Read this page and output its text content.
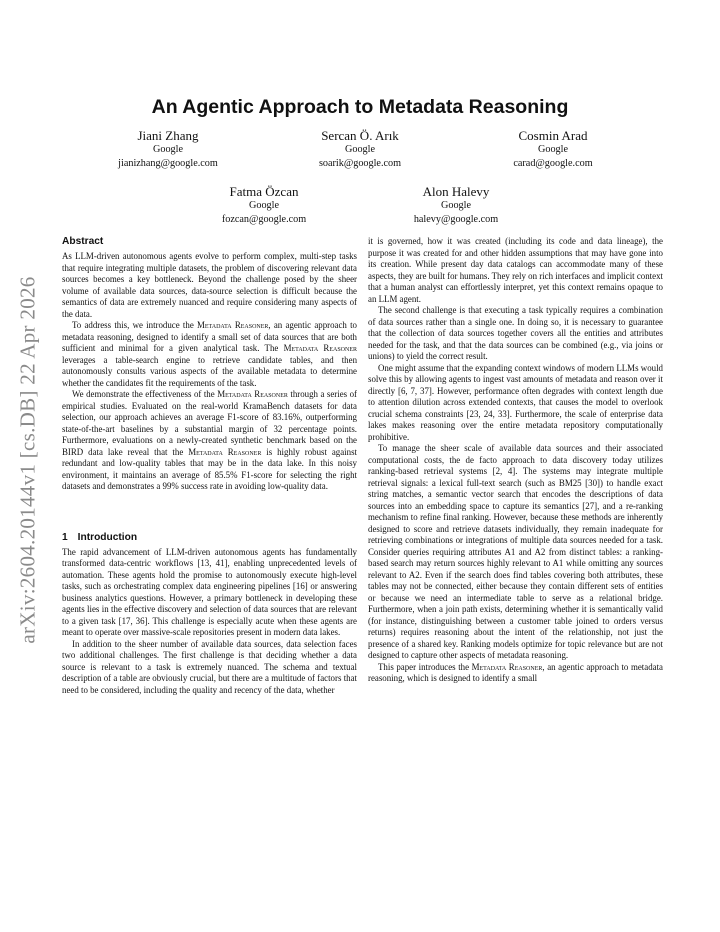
arXiv:2604.20144v1 [cs.DB] 22 Apr 2026
An Agentic Approach to Metadata Reasoning
Jiani Zhang
Google
jianizhang@google.com
Sercan Ö. Arık
Google
soarik@google.com
Cosmin Arad
Google
carad@google.com
Fatma Özcan
Google
fozcan@google.com
Alon Halevy
Google
halevy@google.com
Abstract

As LLM-driven autonomous agents evolve to perform complex, multi-step tasks that require integrating multiple datasets, the problem of discovering relevant data sources becomes a key bottleneck. Beyond the challenge posed by the sheer volume of available data sources, data-source selection is difficult because the semantics of data are extremely nuanced and require considering many aspects of the data.

To address this, we introduce the Metadata Reasoner, an agentic approach to metadata reasoning, designed to identify a small set of data sources that are both sufficient and minimal for a given analytical task. The Metadata Reasoner leverages a table-search engine to retrieve candidate tables, and then autonomously consults various aspects of the available metadata to determine whether the candidates fit the requirements of the task.

We demonstrate the effectiveness of the Metadata Reasoner through a series of empirical studies. Evaluated on the real-world KramaBench datasets for data selection, our approach achieves an average F1-score of 83.16%, outperforming state-of-the-art baselines by a substantial margin of 32 percentage points. Furthermore, evaluations on a newly-created synthetic benchmark based on the BIRD data lake reveal that the Metadata Reasoner is highly robust against redundant and low-quality tables that may be in the data lake. In this noisy environment, it maintains an average of 85.5% F1-score for selecting the right datasets and demonstrates a 99% success rate in avoiding low-quality data.

1 Introduction

The rapid advancement of LLM-driven autonomous agents has fundamentally transformed data-centric workflows [13, 41], enabling unprecedented levels of automation. These agents hold the promise to autonomously execute high-level tasks, such as orchestrating complex data engineering pipelines [16] or answering business analytics questions. However, a primary bottleneck in developing these agents lies in the effective discovery and selection of data sources that are relevant to a given task [17, 36]. This challenge is especially acute when these agents are meant to operate over massive-scale repositories present in modern data lakes.

In addition to the sheer number of available data sources, data selection faces two additional challenges. The first challenge is that deciding whether a data source is relevant to a task is extremely nuanced. The schema and textual description of a table are obviously crucial, but there are a multitude of factors that need to be considered, including the quality and recency of the data, whether

it is governed, how it was created (including its code and data lineage), the purpose it was created for and other hidden assumptions that may have gone into its creation. While present day data catalogs can accommodate many of these aspects, they are built for humans. They rely on rich interfaces and implicit context that a human analyst can effortlessly interpret, yet this context remains opaque to an LLM agent.

The second challenge is that executing a task typically requires a combination of data sources rather than a single one. In doing so, it is necessary to guarantee that the collection of data sources together covers all the entities and attributes needed for the task, and that the data sources can be combined (e.g., via joins or unions) to yield the correct result.

One might assume that the expanding context windows of modern LLMs would solve this by allowing agents to ingest vast amounts of metadata and reason over it directly [6, 7, 37]. However, performance often degrades with context length due to attention dilution across extended contexts, that causes the model to overlook crucial schema constraints [23, 24, 33]. Furthermore, the scale of enterprise data lakes makes reasoning over the entire metadata repository computationally prohibitive.

To manage the sheer scale of available data sources and their associated computational costs, the de facto approach to data discovery today utilizes ranking-based retrieval systems [2, 4]. The systems may integrate multiple retrieval signals: a lexical full-text search (such as BM25 [30]) to handle exact string matches, a semantic vector search that encodes the descriptions of data sources into an embedding space to capture its semantics [27], and a re-ranking mechanism to refine final ranking. However, because these methods are inherently designed to score and retrieve datasets individually, they remain inadequate for retrieving combinations or integrations of multiple data sources needed for a task. Consider queries requiring attributes A1 and A2 from distinct tables: a ranking-based search may return sources highly relevant to A1 while omitting any sources relevant to A2. Even if the search does find tables covering both attributes, these tables may not be connected, either because they contain different sets of entities or because we need an intermediate table to serve as a relational bridge. Furthermore, when a join path exists, determining whether it is semantically valid (for instance, distinguishing between a customer table joined to orders versus returns) requires reasoning about the intent of the relationship, not just the presence of a shared key. Ranking models optimize for topic relevance but are not designed to capture other aspects of metadata reasoning.

This paper introduces the Metadata Reasoner, an agentic approach to metadata reasoning, which is designed to identify a small
